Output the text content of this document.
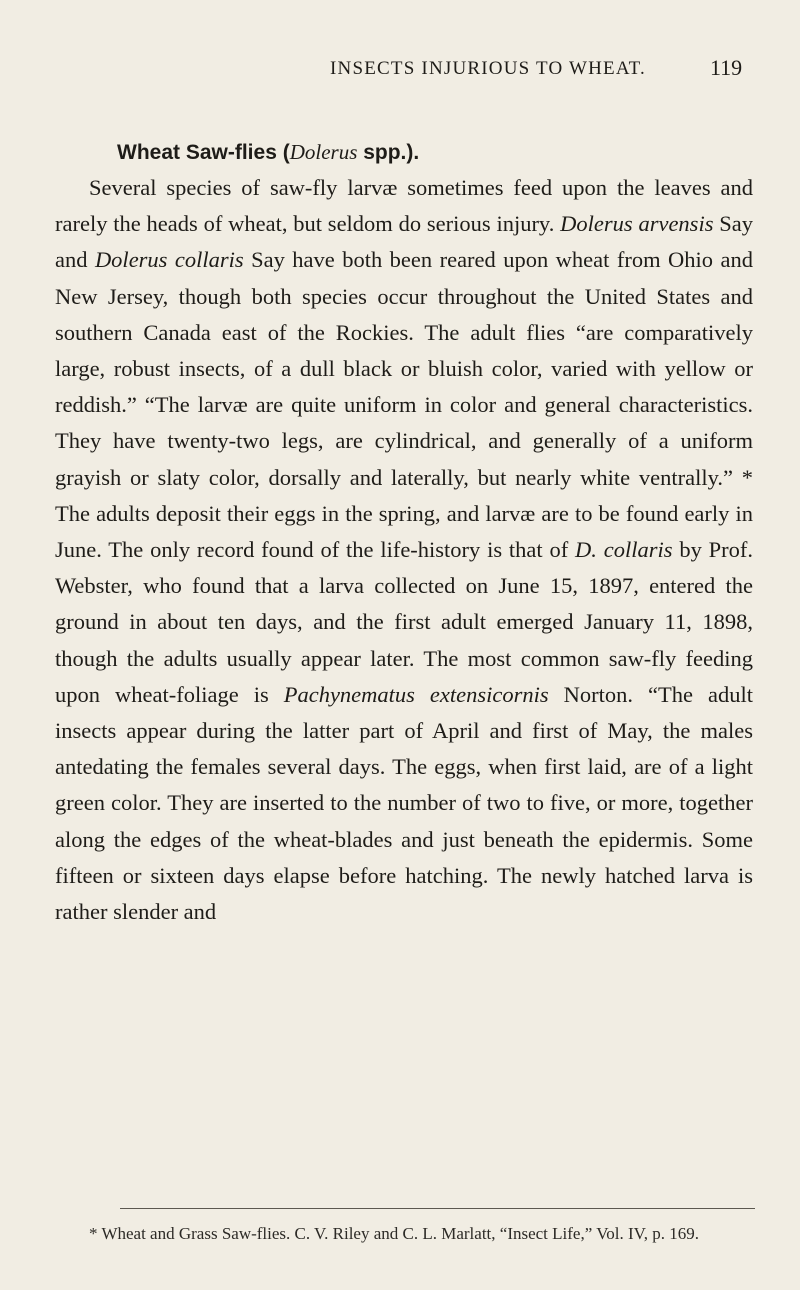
INSECTS INJURIOUS TO WHEAT.	119
Wheat Saw-flies (Dolerus spp.).

Several species of saw-fly larvæ sometimes feed upon the leaves and rarely the heads of wheat, but seldom do serious injury. Dolerus arvensis Say and Dolerus collaris Say have both been reared upon wheat from Ohio and New Jersey, though both species occur throughout the United States and southern Canada east of the Rockies. The adult flies “are comparatively large, robust insects, of a dull black or bluish color, varied with yellow or reddish.” “The larvæ are quite uniform in color and general characteristics. They have twenty-two legs, are cylindrical, and generally of a uniform grayish or slaty color, dorsally and laterally, but nearly white ventrally.” * The adults deposit their eggs in the spring, and larvæ are to be found early in June. The only record found of the life-history is that of D. collaris by Prof. Webster, who found that a larva collected on June 15, 1897, entered the ground in about ten days, and the first adult emerged January 11, 1898, though the adults usually appear later. The most common saw-fly feeding upon wheat-foliage is Pachynematus extensicornis Norton. “The adult insects appear during the latter part of April and first of May, the males antedating the females several days. The eggs, when first laid, are of a light green color. They are inserted to the number of two to five, or more, together along the edges of the wheat-blades and just beneath the epidermis. Some fifteen or sixteen days elapse before hatching. The newly hatched larva is rather slender and

* Wheat and Grass Saw-flies. C. V. Riley and C. L. Marlatt, “Insect Life,” Vol. IV, p. 169.
